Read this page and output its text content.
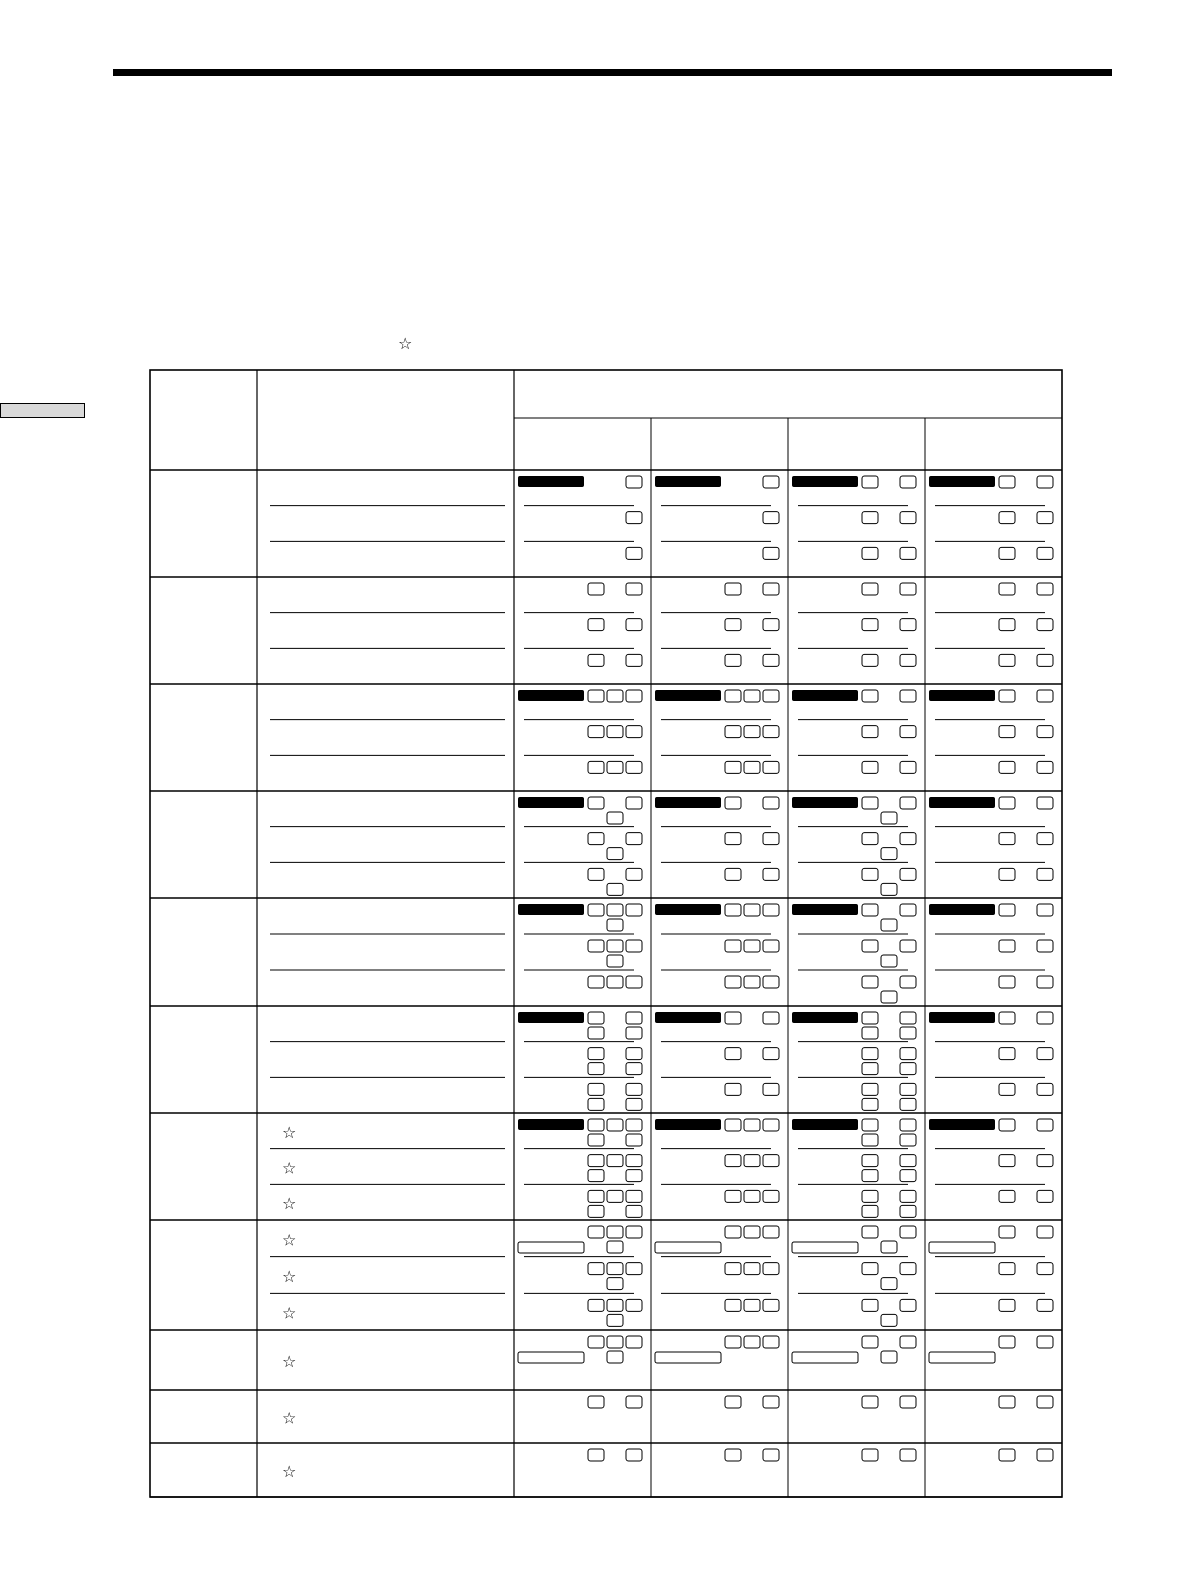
☆
☆
☆
☆
☆
☆
☆
☆
☆
☆
